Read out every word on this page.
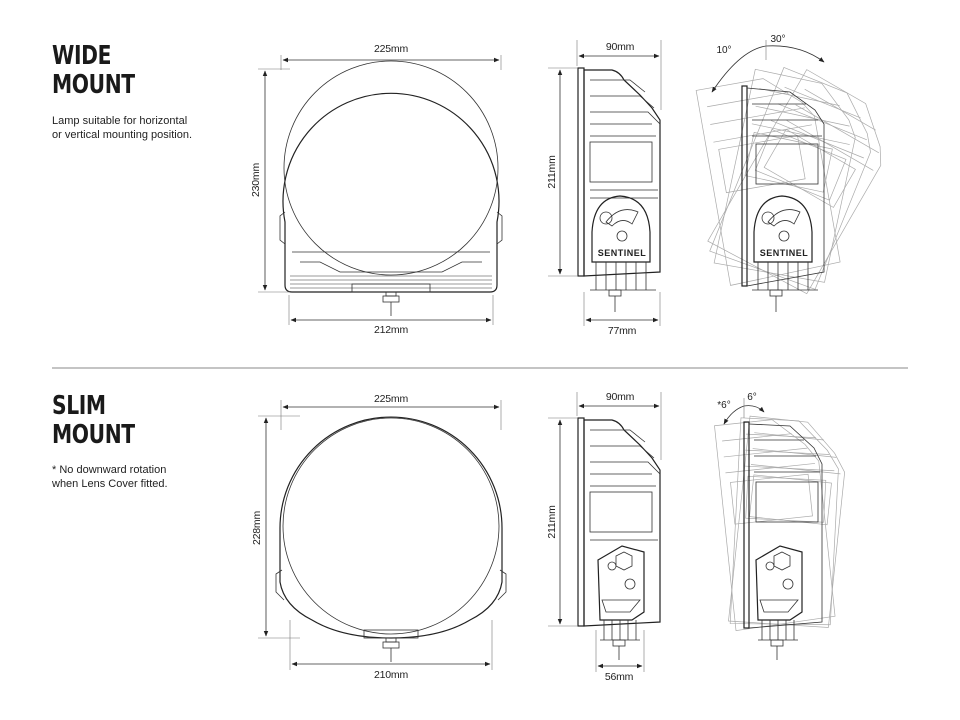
WIDE
MOUNT

Lamp suitable for horizontal
or vertical mounting position.

SLIM
MOUNT

* No downward rotation
when Lens Cover fitted.

225mm
230mm
212mm
SENTINEL
90mm
211mm
77mm
SENTINEL
10°
30°
225mm
228mm
210mm
90mm
211mm
56mm
*6°
6°
